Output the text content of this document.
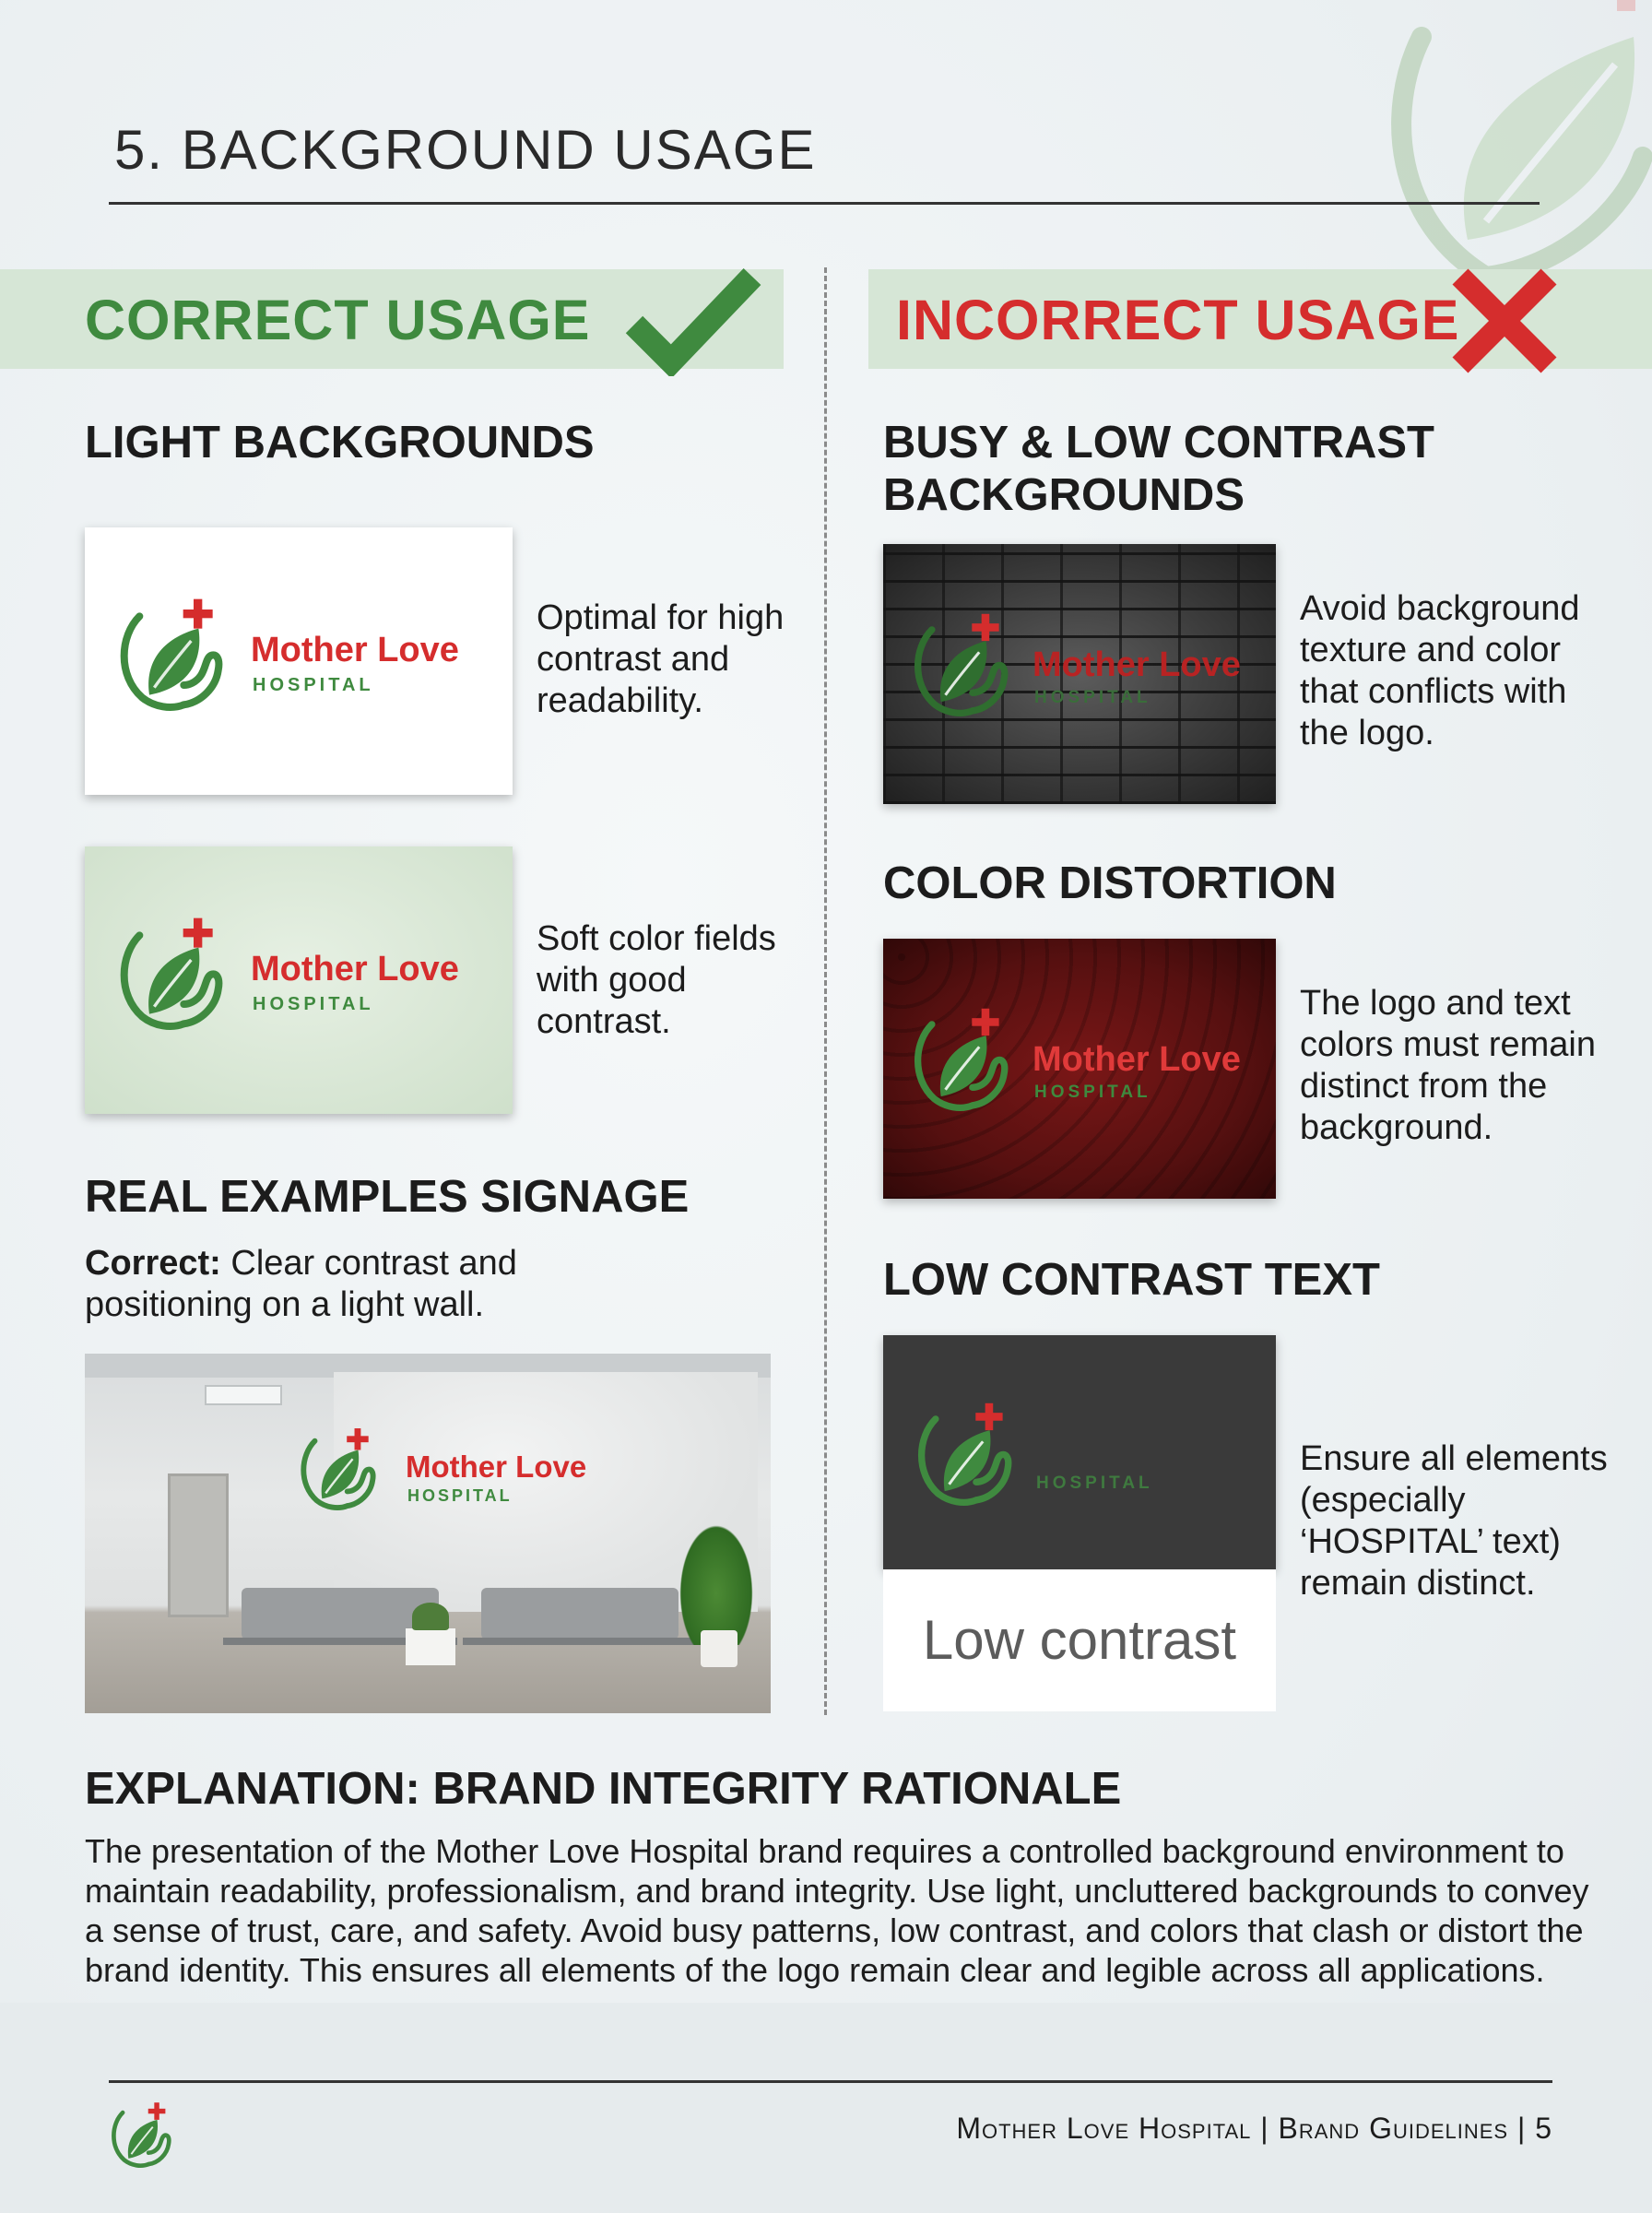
5. BACKGROUND USAGE
CORRECT USAGE	INCORRECT USAGE
LIGHT BACKGROUNDS
Mother Love
HOSPITAL
Optimal for high contrast and readability.
Mother Love
HOSPITAL
Soft color fields with good contrast.
REAL EXAMPLES SIGNAGE
Correct: Clear contrast and positioning on a light wall.
Mother Love
HOSPITAL
BUSY & LOW CONTRAST BACKGROUNDS
Mother Love
HOSPITAL
Avoid background texture and color that conflicts with the logo.
COLOR DISTORTION
Mother Love
HOSPITAL
The logo and text colors must remain distinct from the background.
LOW CONTRAST TEXT
HOSPITAL
Low contrast
Ensure all elements (especially ‘HOSPITAL’ text) remain distinct.
EXPLANATION: BRAND INTEGRITY RATIONALE
The presentation of the Mother Love Hospital brand requires a controlled background environment to maintain readability, professionalism, and brand integrity. Use light, uncluttered backgrounds to convey a sense of trust, care, and safety. Avoid busy patterns, low contrast, and colors that clash or distort the brand identity. This ensures all elements of the logo remain clear and legible across all applications.
Mother Love Hospital | Brand Guidelines | 5
